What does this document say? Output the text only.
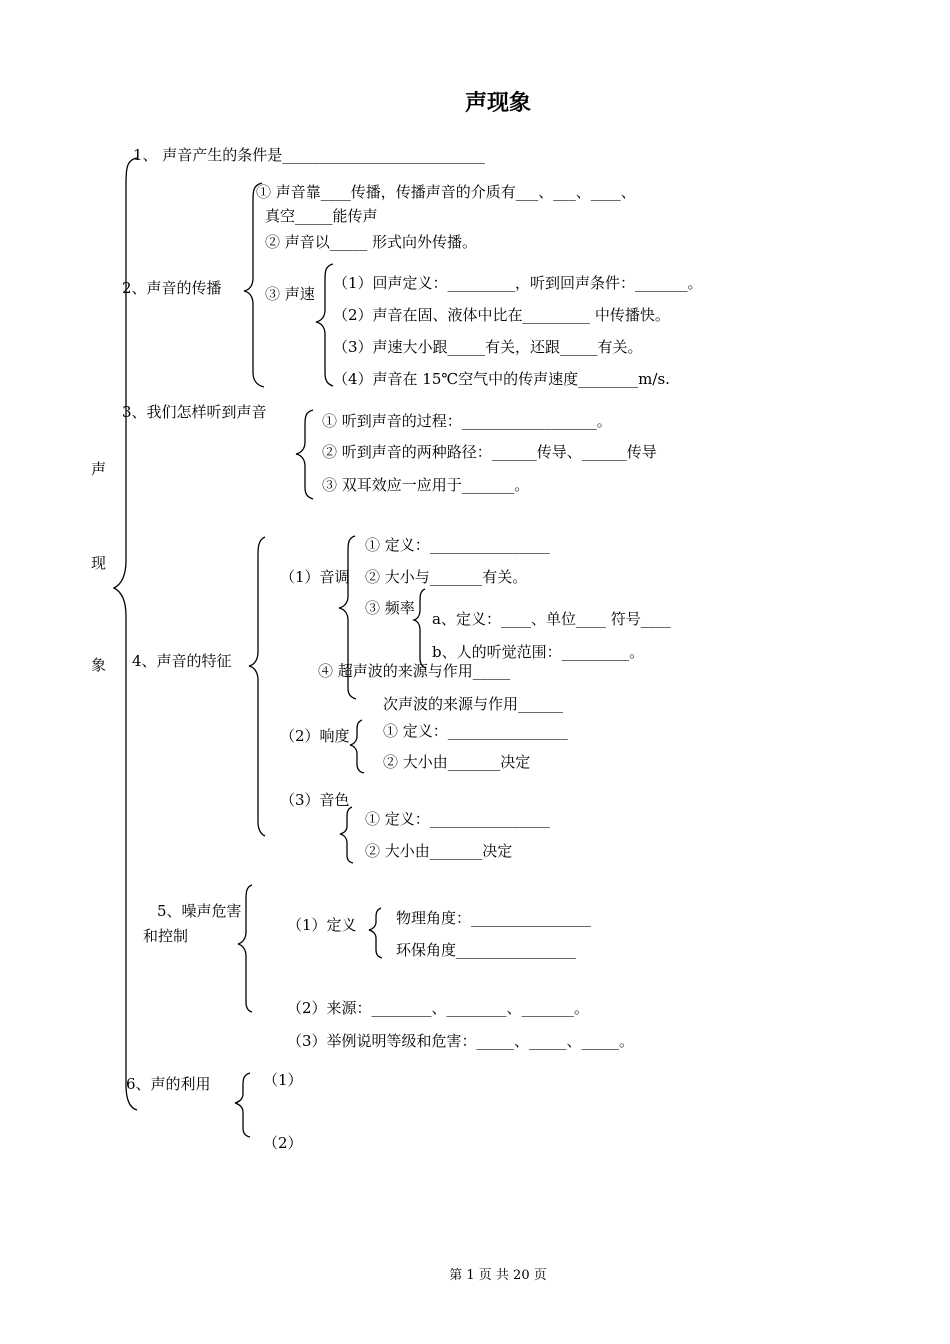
声现象
声
现
象
1、 声音产生的条件是___________________________
2、声音的传播
① 声音靠____传播，传播声音的介质有___、___、____、
真空_____能传声
② 声音以_____ 形式向外传播。
③ 声速
（1）回声定义：_________，听到回声条件：_______。
（2）声音在固、液体中比在_________ 中传播快。
（3）声速大小跟_____有关，还跟_____有关。
（4）声音在 15℃空气中的传声速度________m/s.
3、我们怎样听到声音	① 听到声音的过程：__________________。
② 听到声音的两种路径：______传导、______传导
③ 双耳效应一应用于_______。
4、声音的特征
（1）音调
① 定义：________________
② 大小与_______有关。
③ 频率
a、定义：____、单位____ 符号____
b、人的听觉范围：_________。
④ 超声波的来源与作用_____
次声波的来源与作用______
（2）响度 ① 定义：________________
② 大小由_______决定
（3）音色
① 定义：________________
② 大小由_______决定
5、噪声危害
和控制
（1）定义	物理角度：________________
环保角度________________
（2）来源：________、________、_______。
（3）举例说明等级和危害：_____、_____、_____。
6、声的利用	（1）
（2）
第 1 页 共 20 页
